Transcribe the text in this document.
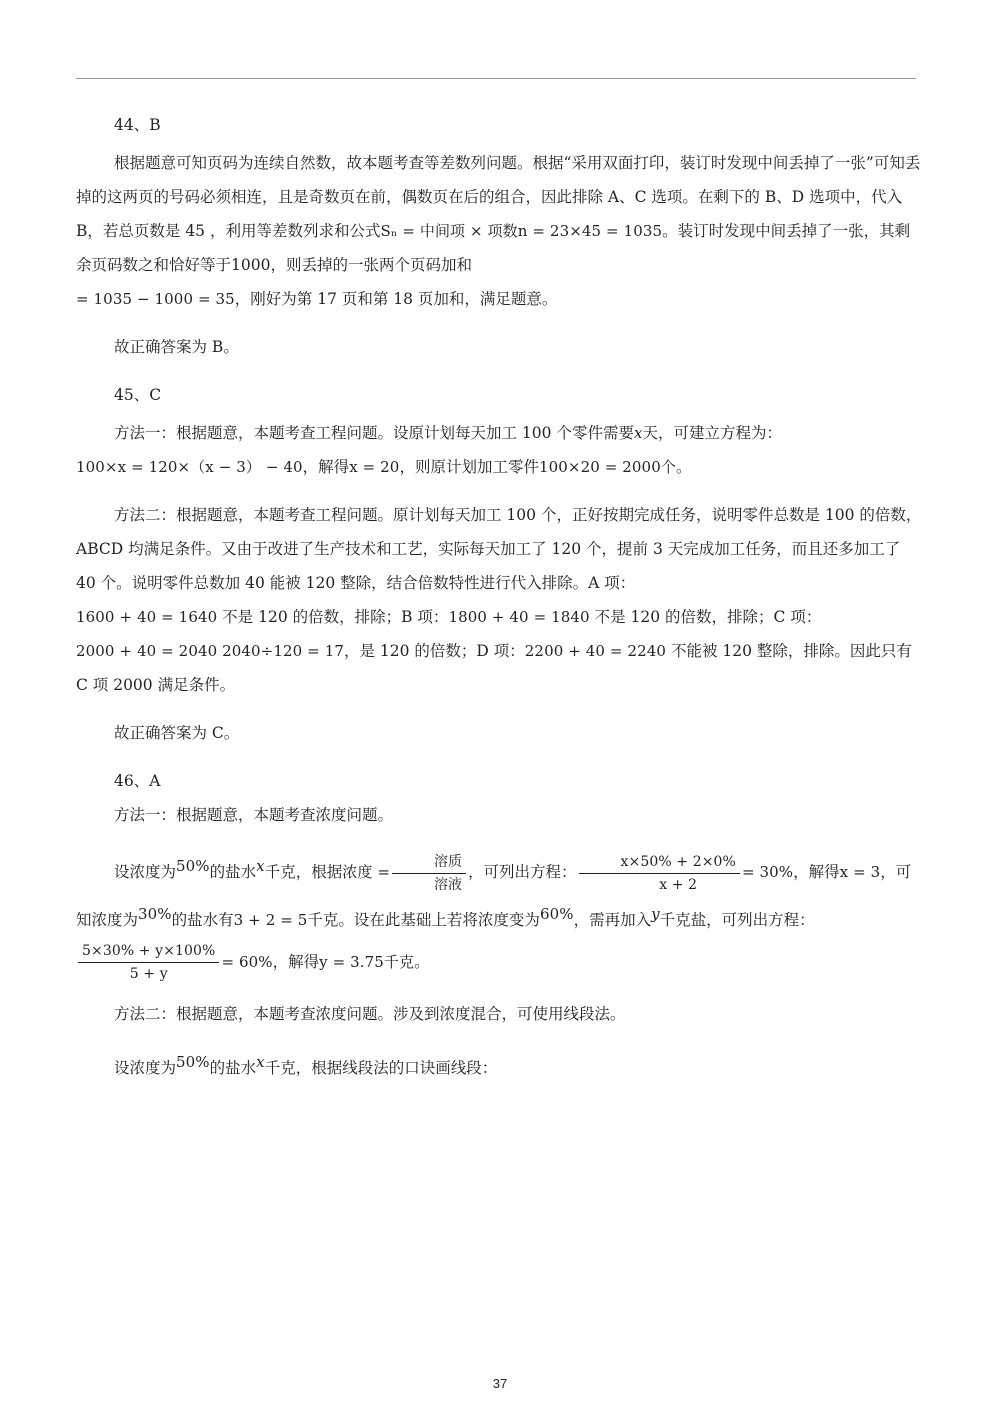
44、B

根据题意可知页码为连续自然数，故本题考查等差数列问题。根据“采用双面打印，装订时发现中间丢掉了一张”可知丢掉的这两页的号码必须相连，且是奇数页在前，偶数页在后的组合，因此排除 A、C 选项。在剩下的 B、D 选项中，代入 B，若总页数是 45 ，利用等差数列求和公式Sₙ = 中间项 × 项数n = 23×45 = 1035。装订时发现中间丢掉了一张，其剩余页码数之和恰好等于1000，则丢掉的一张两个页码加和
= 1035 − 1000 = 35，刚好为第 17 页和第 18 页加和，满足题意。

故正确答案为 B。

45、C

方法一：根据题意，本题考查工程问题。设原计划每天加工 100 个零件需要x天，可建立方程为：
100×x = 120×（x − 3） − 40，解得x = 20，则原计划加工零件100×20 = 2000个。

方法二：根据题意，本题考查工程问题。原计划每天加工 100 个，正好按期完成任务，说明零件总数是 100 的倍数，ABCD 均满足条件。又由于改进了生产技术和工艺，实际每天加工了 120 个，提前 3 天完成加工任务，而且还多加工了 40 个。说明零件总数加 40 能被 120 整除，结合倍数特性进行代入排除。A 项：
1600 + 40 = 1640 不是 120 的倍数，排除；B 项：1800 + 40 = 1840 不是 120 的倍数，排除；C 项：
2000 + 40 = 2040 2040÷120 = 17，是 120 的倍数；D 项：2200 + 40 = 2240 不能被 120 整除，排除。因此只有 C 项 2000 满足条件。

故正确答案为 C。

46、A

方法一：根据题意，本题考查浓度问题。

设浓度为$^{50\%}$的盐水$^x$千克，根据浓度 = $\frac{\text{溶质}}{\text{溶液}}$ ，可列出方程： $\frac{x\times 50\% + 2\times 0\%}{x + 2} = 30\%$，解得x = 3，可知浓度为$^{30\%}$的盐水有3 + 2 = 5千克。设在此基础上若将浓度变为$^{60\%}$，需再加入$^y$千克盐，可列出方程：

$\frac{5\times 30\% + y\times 100\%}{5 + y} = 60\%$，解得y = 3.75千克。

方法二：根据题意，本题考查浓度问题。涉及到浓度混合，可使用线段法。

设浓度为$^{50\%}$的盐水$^x$千克，根据线段法的口诀画线段：

37
